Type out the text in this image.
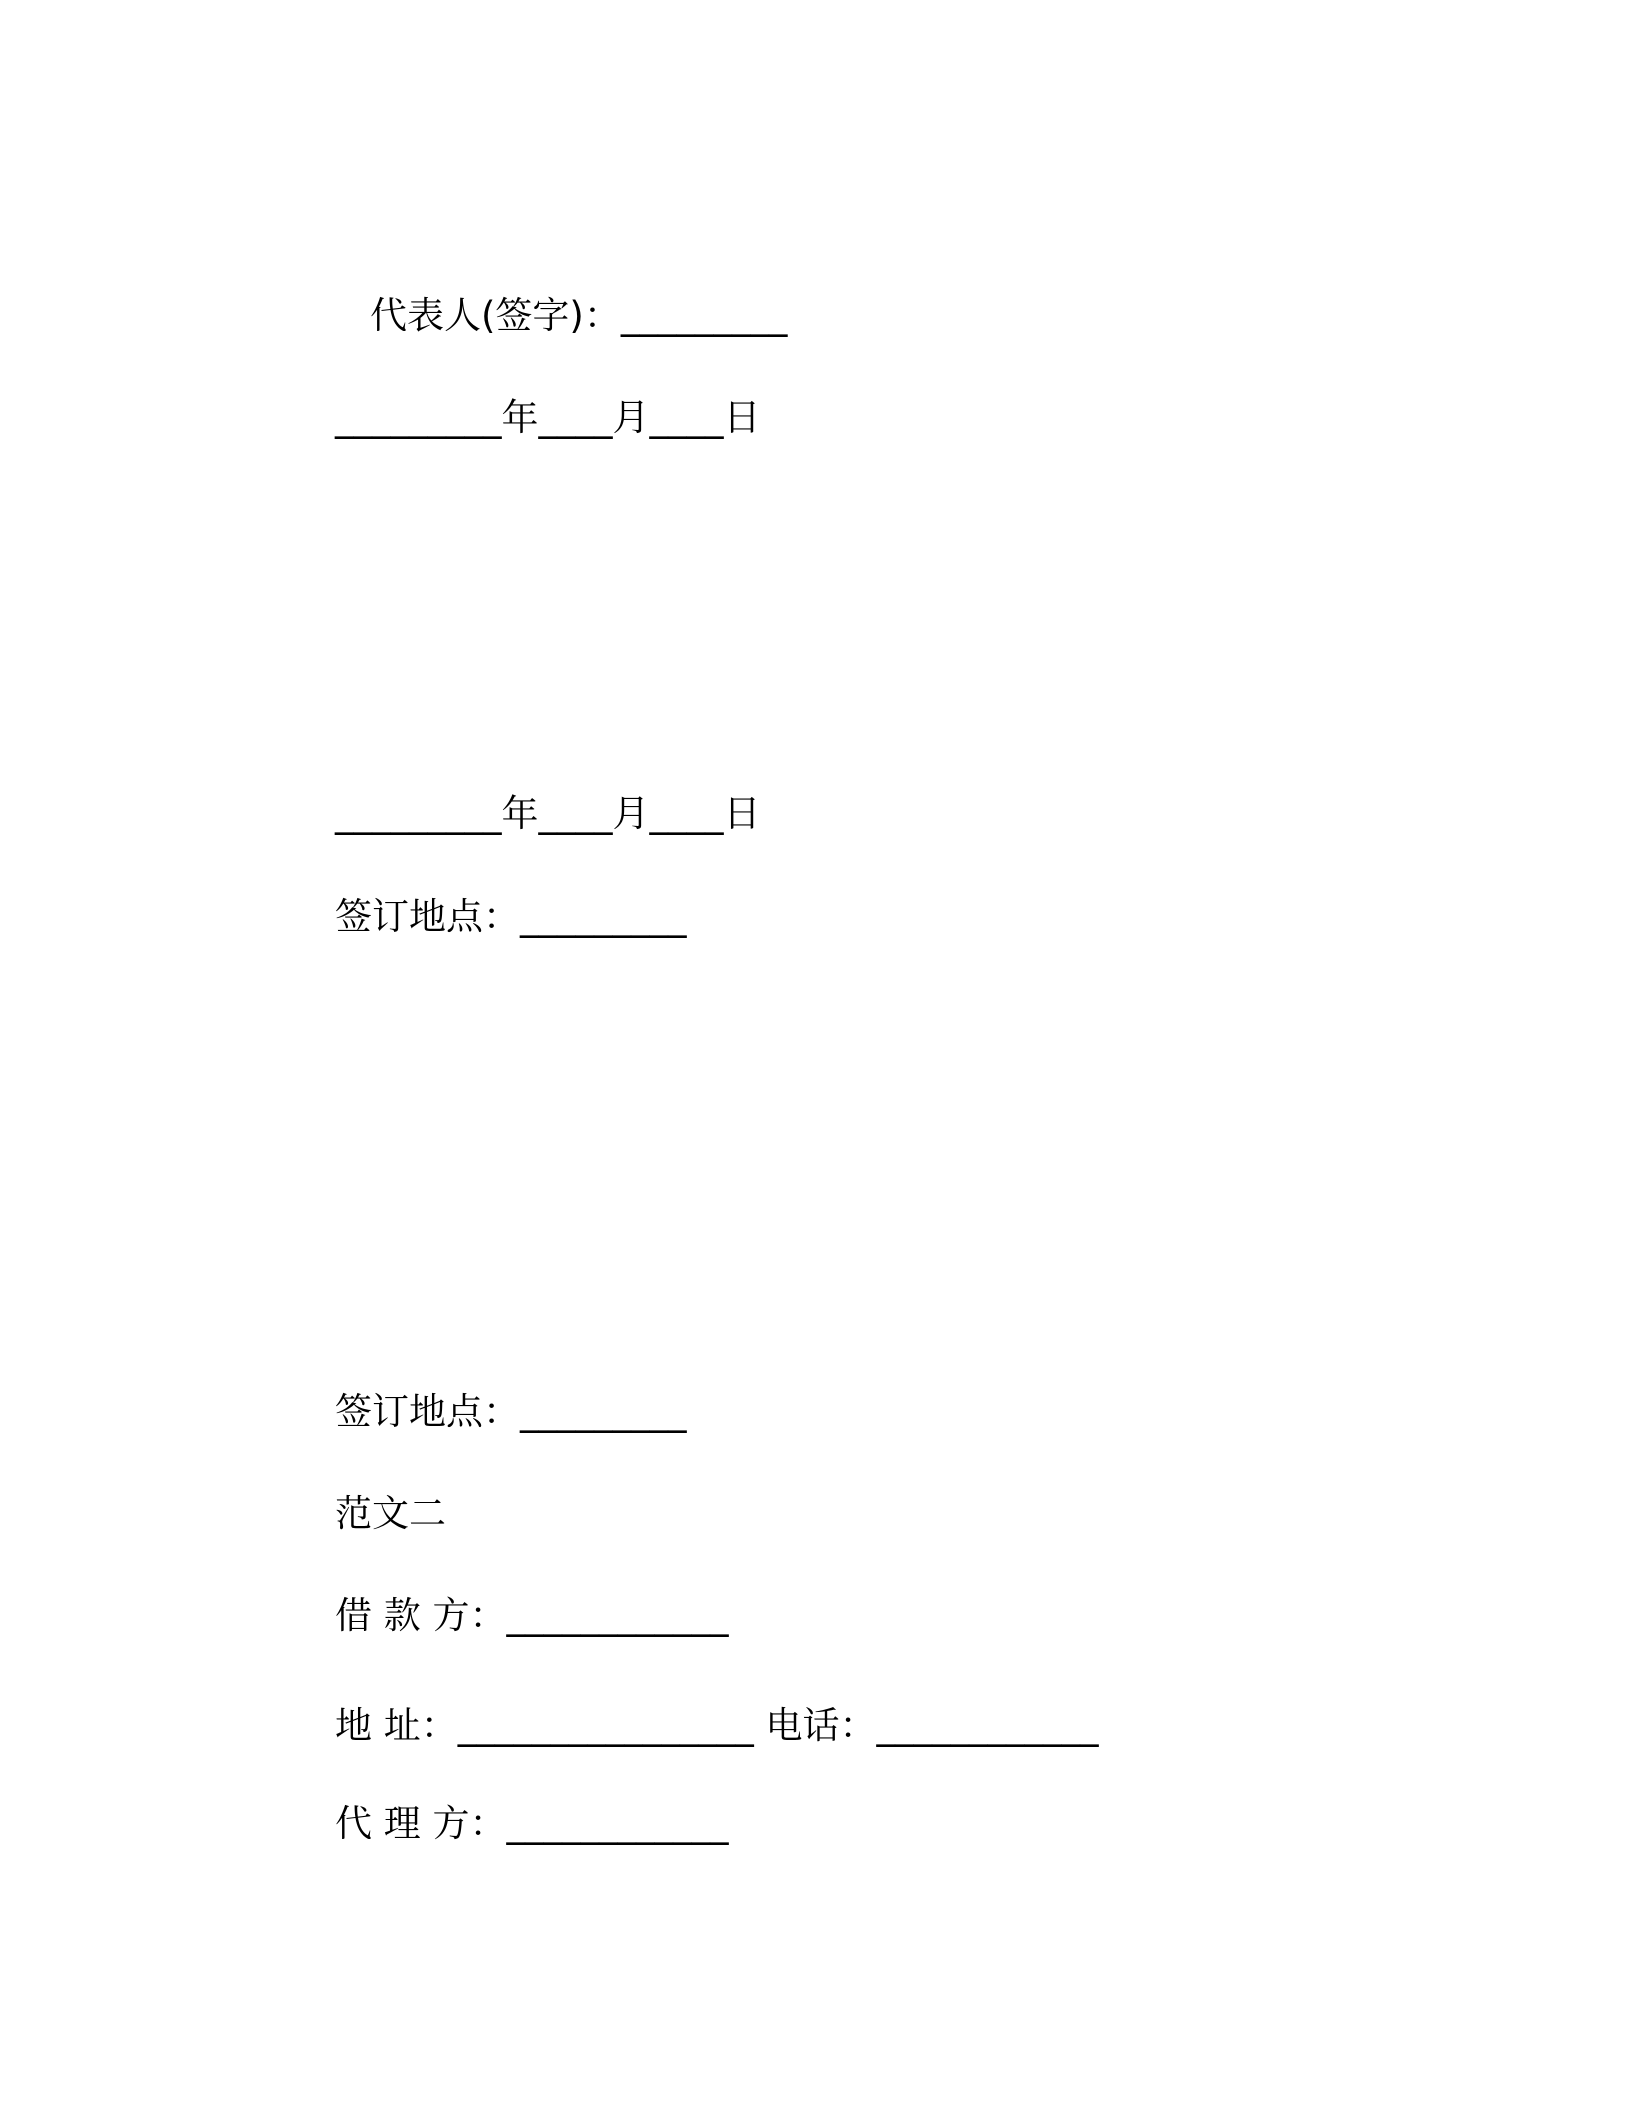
代表人(签字)：_________
_________年____月____日
_________年____月____日
签订地点：_________
签订地点：_________
范文二
借 款 方：____________
地 址：________________ 电话：____________
代 理 方：____________
